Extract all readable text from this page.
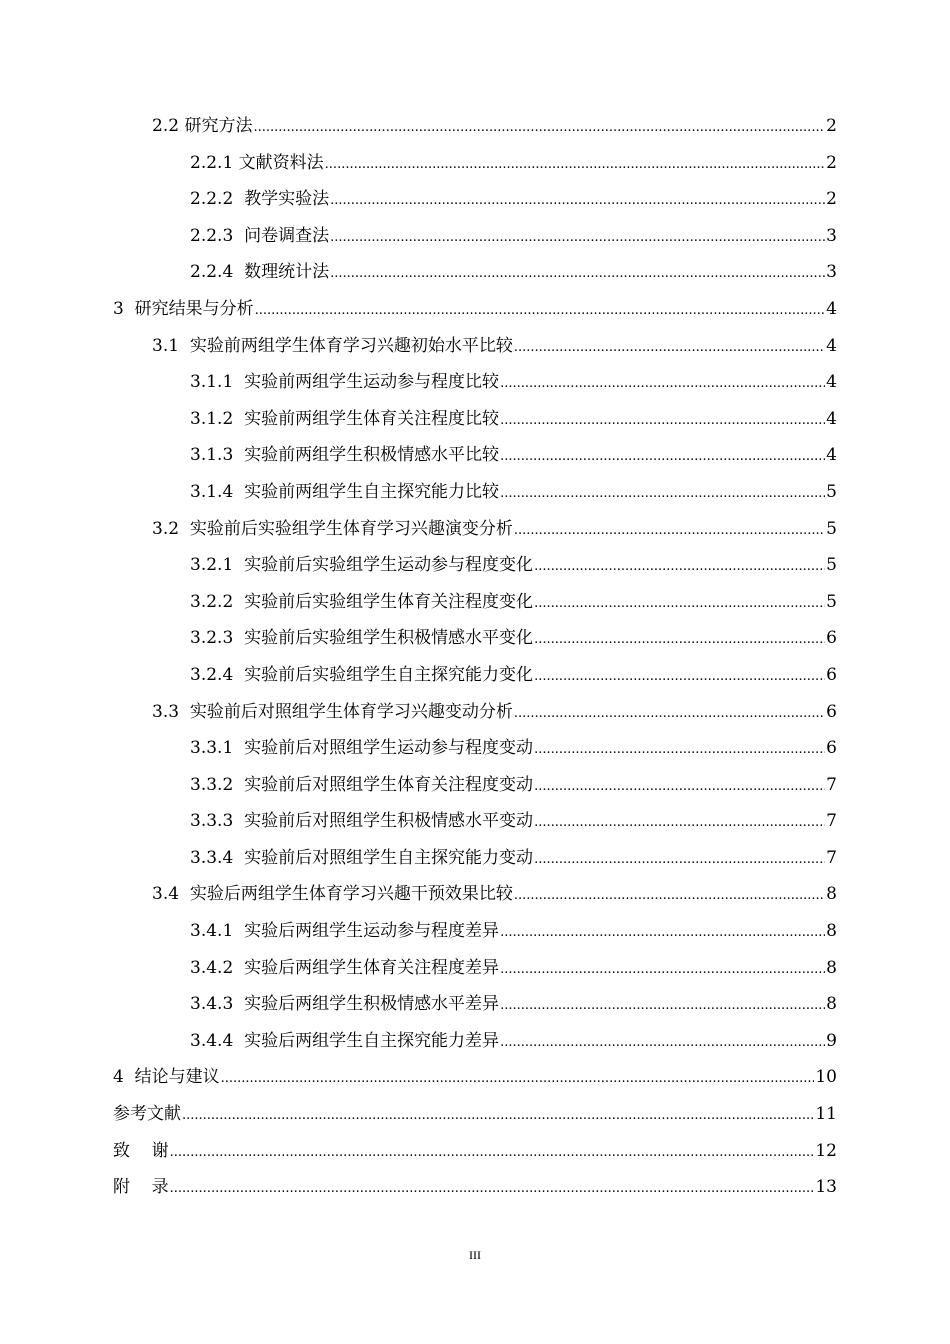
2.2 研究方法 .....	2
2.2.1 文献资料法 .....	2
2.2.2  教学实验法 .....	2
2.2.3  问卷调查法 .....	3
2.2.4  数理统计法 .....	3
3  研究结果与分析 .....	4
3.1  实验前两组学生体育学习兴趣初始水平比较 .....	4
3.1.1  实验前两组学生运动参与程度比较 .....	4
3.1.2  实验前两组学生体育关注程度比较 .....	4
3.1.3  实验前两组学生积极情感水平比较 .....	4
3.1.4  实验前两组学生自主探究能力比较 .....	5
3.2  实验前后实验组学生体育学习兴趣演变分析 .....	5
3.2.1  实验前后实验组学生运动参与程度变化 .....	5
3.2.2  实验前后实验组学生体育关注程度变化 .....	5
3.2.3  实验前后实验组学生积极情感水平变化 .....	6
3.2.4  实验前后实验组学生自主探究能力变化 .....	6
3.3  实验前后对照组学生体育学习兴趣变动分析 .....	6
3.3.1  实验前后对照组学生运动参与程度变动 .....	6
3.3.2  实验前后对照组学生体育关注程度变动 .....	7
3.3.3  实验前后对照组学生积极情感水平变动 .....	7
3.3.4  实验前后对照组学生自主探究能力变动 .....	7
3.4  实验后两组学生体育学习兴趣干预效果比较 .....	8
3.4.1  实验后两组学生运动参与程度差异 .....	8
3.4.2  实验后两组学生体育关注程度差异 .....	8
3.4.3  实验后两组学生积极情感水平差异 .....	8
3.4.4  实验后两组学生自主探究能力差异 .....	9
4  结论与建议 .....	10
参考文献 .....	11
致    谢 .....	12
附    录 .....	13
III
